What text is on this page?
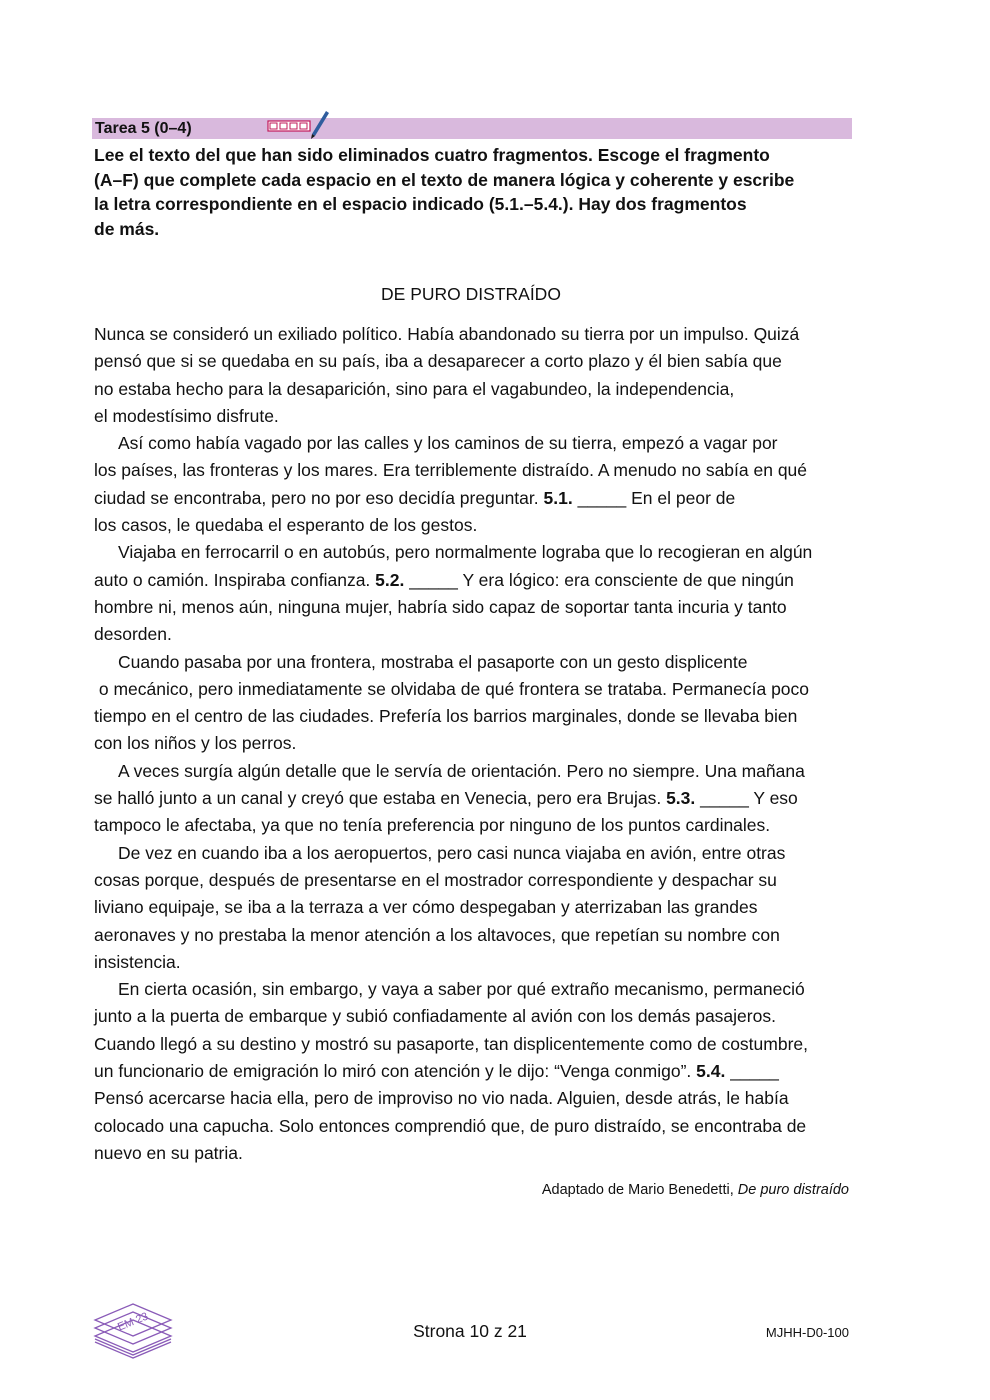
Tarea 5 (0–4)

Lee el texto del que han sido eliminados cuatro fragmentos. Escoge el fragmento
(A–F) que complete cada espacio en el texto de manera lógica y coherente y escribe
la letra correspondiente en el espacio indicado (5.1.–5.4.). Hay dos fragmentos
de más.

DE PURO DISTRAÍDO

Nunca se consideró un exiliado político. Había abandonado su tierra por un impulso. Quizá
pensó que si se quedaba en su país, iba a desaparecer a corto plazo y él bien sabía que
no estaba hecho para la desaparición, sino para el vagabundeo, la independencia,
el modestísimo disfrute.

Así como había vagado por las calles y los caminos de su tierra, empezó a vagar por
los países, las fronteras y los mares. Era terriblemente distraído. A menudo no sabía en qué
ciudad se encontraba, pero no por eso decidía preguntar. 5.1. _____ En el peor de
los casos, le quedaba el esperanto de los gestos.

Viajaba en ferrocarril o en autobús, pero normalmente lograba que lo recogieran en algún
auto o camión. Inspiraba confianza. 5.2. _____ Y era lógico: era consciente de que ningún
hombre ni, menos aún, ninguna mujer, habría sido capaz de soportar tanta incuria y tanto
desorden.

Cuando pasaba por una frontera, mostraba el pasaporte con un gesto displicente
o mecánico, pero inmediatamente se olvidaba de qué frontera se trataba. Permanecía poco
tiempo en el centro de las ciudades. Prefería los barrios marginales, donde se llevaba bien
con los niños y los perros.

A veces surgía algún detalle que le servía de orientación. Pero no siempre. Una mañana
se halló junto a un canal y creyó que estaba en Venecia, pero era Brujas. 5.3. _____ Y eso
tampoco le afectaba, ya que no tenía preferencia por ninguno de los puntos cardinales.

De vez en cuando iba a los aeropuertos, pero casi nunca viajaba en avión, entre otras
cosas porque, después de presentarse en el mostrador correspondiente y despachar su
liviano equipaje, se iba a la terraza a ver cómo despegaban y aterrizaban las grandes
aeronaves y no prestaba la menor atención a los altavoces, que repetían su nombre con
insistencia.

En cierta ocasión, sin embargo, y vaya a saber por qué extraño mecanismo, permaneció
junto a la puerta de embarque y subió confiadamente al avión con los demás pasajeros.
Cuando llegó a su destino y mostró su pasaporte, tan displicentemente como de costumbre,
un funcionario de emigración lo miró con atención y le dijo: “Venga conmigo”. 5.4. _____
Pensó acercarse hacia ella, pero de improviso no vio nada. Alguien, desde atrás, le había
colocado una capucha. Solo entonces comprendió que, de puro distraído, se encontraba de
nuevo en su patria.

Adaptado de Mario Benedetti, De puro distraído
EM 23	Strona 10 z 21	MJHH-D0-100
